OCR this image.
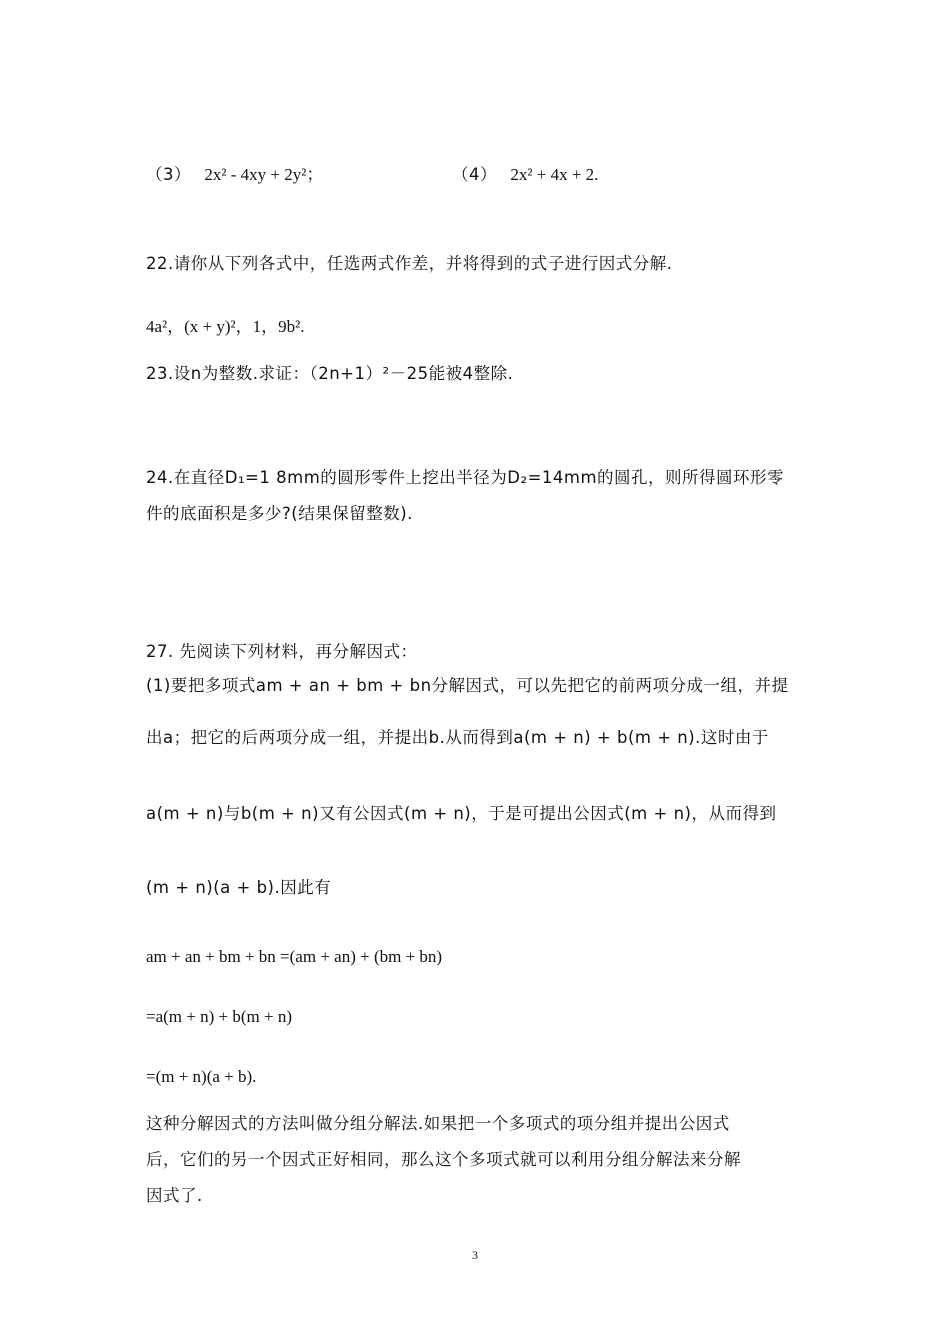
（3） 2x² - 4xy + 2y²；	（4） 2x² + 4x + 2.
22.请你从下列各式中，任选两式作差，并将得到的式子进行因式分解.
4a²，(x + y)²，1，9b².
23.设n为整数.求证：（2n+1）²－25能被4整除.
24.在直径D₁=1 8mm的圆形零件上挖出半径为D₂=14mm的圆孔，则所得圆环形零
件的底面积是多少?(结果保留整数).
27. 先阅读下列材料，再分解因式：
(1)要把多项式am + an + bm + bn分解因式，可以先把它的前两项分成一组，并提
出a；把它的后两项分成一组，并提出b.从而得到a(m + n) + b(m + n).这时由于
a(m + n)与b(m + n)又有公因式(m + n)，于是可提出公因式(m + n)，从而得到
(m + n)(a + b).因此有
am + an + bm + bn =(am + an) + (bm + bn)
=a(m + n) + b(m + n)
=(m + n)(a + b).
这种分解因式的方法叫做分组分解法.如果把一个多项式的项分组并提出公因式
后，它们的另一个因式正好相同，那么这个多项式就可以利用分组分解法来分解
因式了.
3
